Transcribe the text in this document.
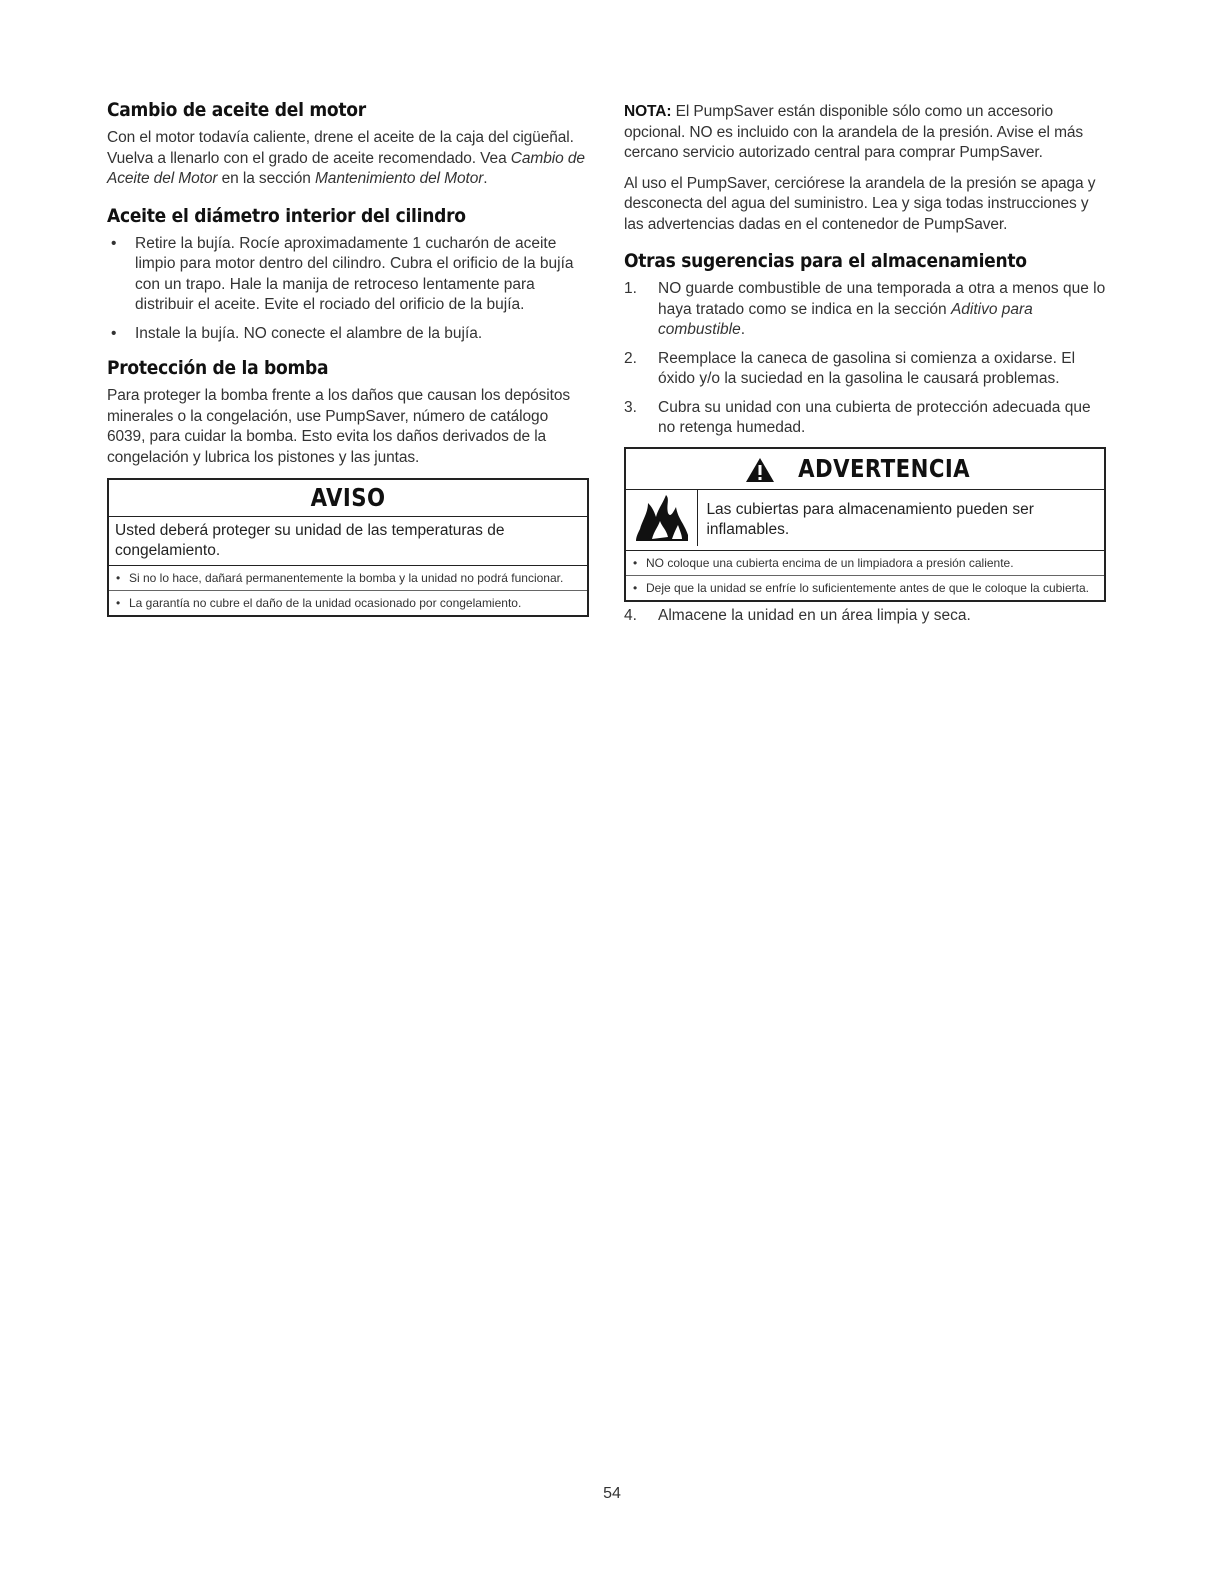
Cambio de aceite del motor

Con el motor todavía caliente, drene el aceite de la caja del cigüeñal. Vuelva a llenarlo con el grado de aceite recomendado. Vea Cambio de Aceite del Motor en la sección Mantenimiento del Motor.

Aceite el diámetro interior del cilindro
• Retire la bujía. Rocíe aproximadamente 1 cucharón de aceite limpio para motor dentro del cilindro. Cubra el orificio de la bujía con un trapo. Hale la manija de retroceso lentamente para distribuir el aceite. Evite el rociado del orificio de la bujía.
• Instale la bujía. NO conecte el alambre de la bujía.
Protección de la bomba

Para proteger la bomba frente a los daños que causan los depósitos minerales o la congelación, use PumpSaver, número de catálogo 6039, para cuidar la bomba. Esto evita los daños derivados de la congelación y lubrica los pistones y las juntas.

AVISO
Usted deberá proteger su unidad de las temperaturas de congelamiento.
• Si no lo hace, dañará permanentemente la bomba y la unidad no podrá funcionar.
• La garantía no cubre el daño de la unidad ocasionado por congelamiento.

NOTA: El PumpSaver están disponible sólo como un accesorio opcional. NO es incluido con la arandela de la presión. Avise el más cercano servicio autorizado central para comprar PumpSaver.

Al uso el PumpSaver, cerciórese la arandela de la presión se apaga y desconecta del agua del suministro. Lea y siga todas instrucciones y las advertencias dadas en el contenedor de PumpSaver.

Otras sugerencias para el almacenamiento
1. NO guarde combustible de una temporada a otra a menos que lo haya tratado como se indica en la sección Aditivo para combustible.
2. Reemplace la caneca de gasolina si comienza a oxidarse. El óxido y/o la suciedad en la gasolina le causará problemas.
3. Cubra su unidad con una cubierta de protección adecuada que no retenga humedad.
ADVERTENCIA
Las cubiertas para almacenamiento pueden ser inflamables.
• NO coloque una cubierta encima de un limpiadora a presión caliente.
• Deje que la unidad se enfríe lo suficientemente antes de que le coloque la cubierta.
4. Almacene la unidad en un área limpia y seca.
54
